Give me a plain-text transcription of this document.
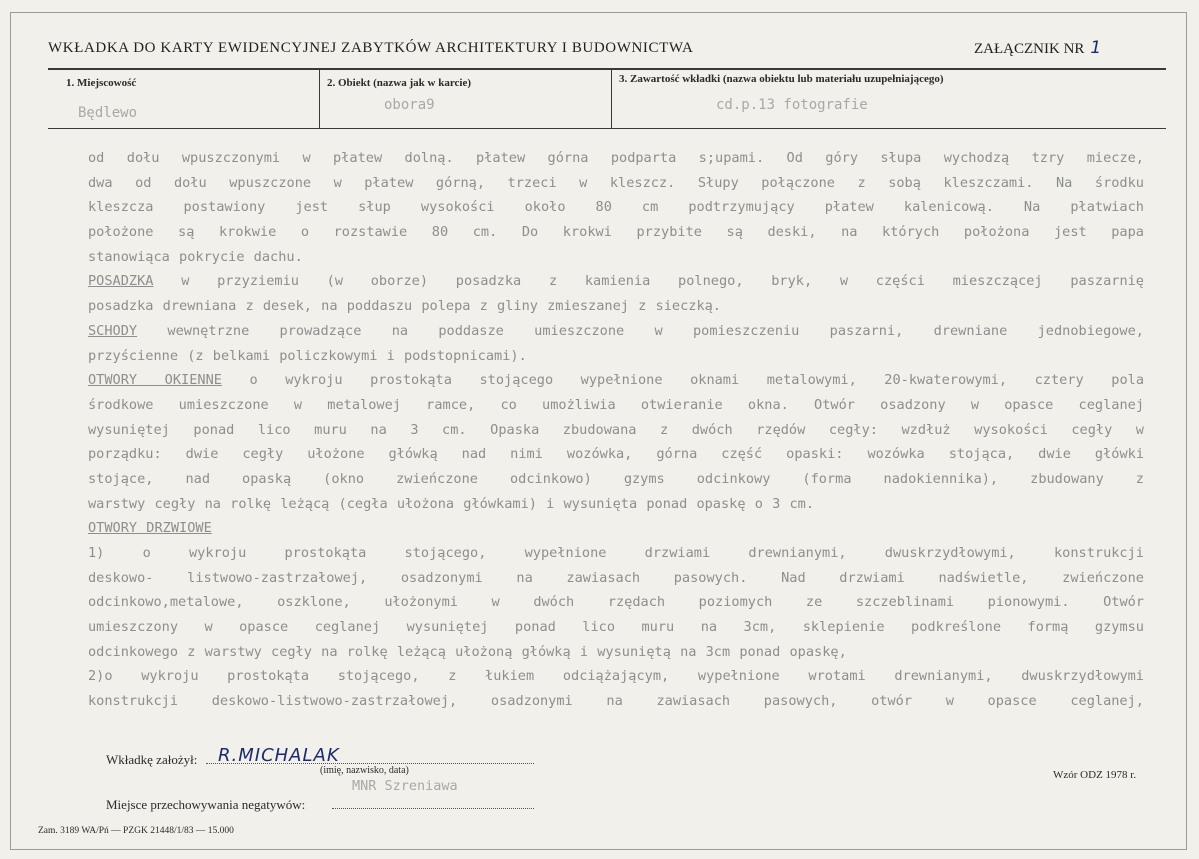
WKŁADKA DO KARTY EWIDENCYJNEJ ZABYTKÓW ARCHITEKTURY I BUDOWNICTWA	ZAŁĄCZNIK NR 1
1. Miejscowość
Będlewo
2. Obiekt (nazwa jak w karcie)
obora9
3. Zawartość wkładki (nazwa obiektu lub materiału uzupełniającego)
cd.p.13 fotografie
od dołu wpuszczonymi w płatew dolną. płatew górna podparta s;upami. Od góry słupa wychodzą tzry miecze,
dwa od dołu wpuszczone w płatew górną, trzeci w kleszcz. Słupy połączone z sobą kleszczami. Na środku
kleszcza postawiony jest słup wysokości około 80 cm podtrzymujący płatew kalenicową. Na płatwiach
położone są krokwie o rozstawie 80 cm. Do krokwi przybite są deski, na których położona jest papa
stanowiąca pokrycie dachu.
POSADZKA w przyziemiu (w oborze) posadzka z kamienia polnego, bryk, w części mieszczącej paszarnię
posadzka drewniana z desek, na poddaszu polepa z gliny zmieszanej z sieczką.
SCHODY wewnętrzne prowadzące na poddasze umieszczone w pomieszczeniu paszarni, drewniane jednobiegowe,
przyścienne (z belkami policzkowymi i podstopnicami).
OTWORY OKIENNE o wykroju prostokąta stojącego wypełnione oknami metalowymi, 20-kwaterowymi, cztery pola
środkowe umieszczone w metalowej ramce, co umożliwia otwieranie okna. Otwór osadzony w opasce ceglanej
wysuniętej ponad lico muru na 3 cm. Opaska zbudowana z dwóch rzędów cegły: wzdłuż wysokości cegły w
porządku: dwie cegły ułożone główką nad nimi wozówka, górna część opaski: wozówka stojąca, dwie główki
stojące, nad opaską (okno zwieńczone odcinkowo) gzyms odcinkowy (forma nadokiennika), zbudowany z
warstwy cegły na rolkę leżącą (cegła ułożona główkami) i wysunięta ponad opaskę o 3 cm.
OTWORY DRZWIOWE
1) o wykroju prostokąta stojącego, wypełnione drzwiami drewnianymi, dwuskrzydłowymi, konstrukcji
deskowo- listwowo-zastrzałowej, osadzonymi na zawiasach pasowych. Nad drzwiami nadświetle, zwieńczone
odcinkowo,metalowe, oszklone, ułożonymi w dwóch rzędach poziomych ze szczeblinami pionowymi. Otwór
umieszczony w opasce ceglanej wysuniętej ponad lico muru na 3cm, sklepienie podkreślone formą gzymsu
odcinkowego z warstwy cegły na rolkę leżącą ułożoną główką i wysuniętą na 3cm ponad opaskę,
2)o wykroju prostokąta stojącego, z łukiem odciążającym, wypełnione wrotami drewnianymi, dwuskrzydłowymi
konstrukcji deskowo-listwowo-zastrzałowej, osadzonymi na zawiasach pasowych, otwór w opasce ceglanej,
Wkładkę założył: R.MICHALAK
(imię, nazwisko, data)
Miejsce przechowywania negatywów:
MNR Szreniawa
Wzór ODZ 1978 r.
Zam. 3189 WA/Pń — PZGK 21448/1/83 — 15.000
